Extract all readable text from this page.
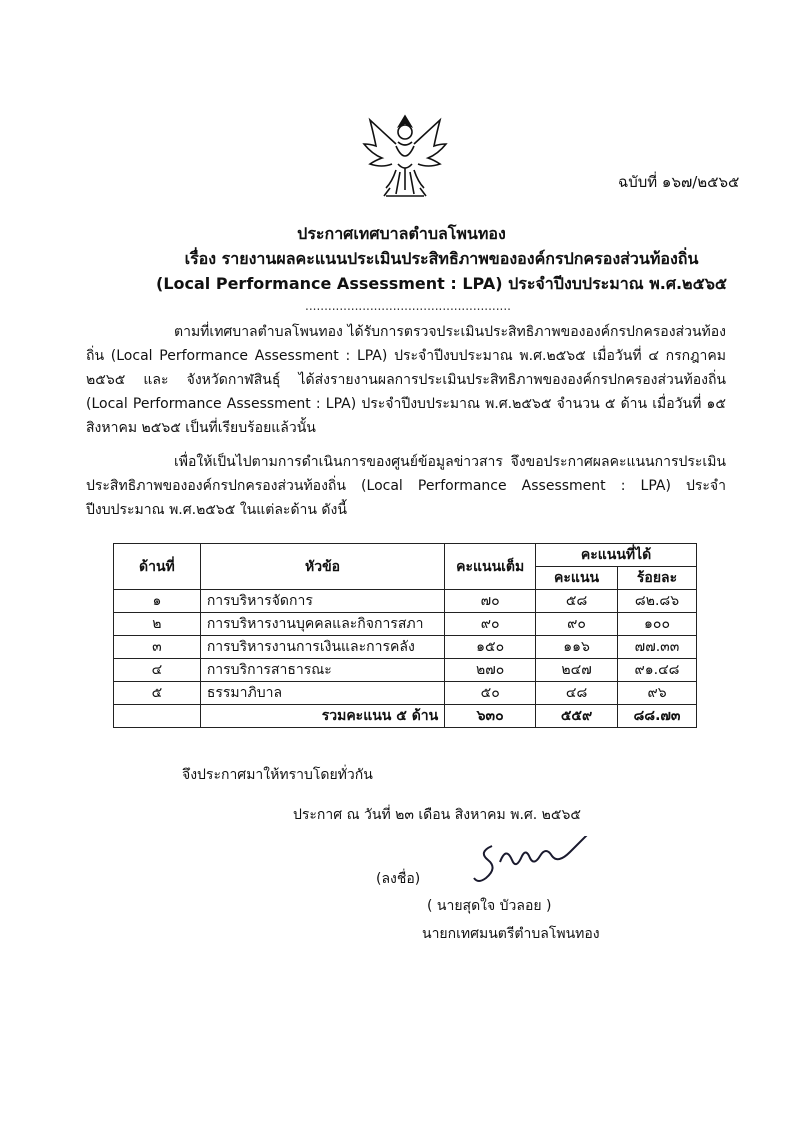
ฉบับที่ ๑๖๗/๒๕๖๕
ประกาศเทศบาลตำบลโพนทอง
เรื่อง รายงานผลคะแนนประเมินประสิทธิภาพขององค์กรปกครองส่วนท้องถิ่น
(Local Performance Assessment : LPA) ประจำปีงบประมาณ พ.ศ.๒๕๖๕
......................................................
ตามที่เทศบาลตำบลโพนทอง ได้รับการตรวจประเมินประสิทธิภาพขององค์กรปกครองส่วนท้องถิ่น (Local Performance Assessment : LPA) ประจำปีงบประมาณ พ.ศ.๒๕๖๕ เมื่อวันที่ ๔ กรกฎาคม ๒๕๖๕ และ จังหวัดกาฬสินธุ์ ได้ส่งรายงานผลการประเมินประสิทธิภาพขององค์กรปกครองส่วนท้องถิ่น (Local Performance Assessment : LPA) ประจำปีงบประมาณ พ.ศ.๒๕๖๕ จำนวน ๕ ด้าน เมื่อวันที่ ๑๕ สิงหาคม ๒๕๖๕ เป็นที่เรียบร้อยแล้วนั้น
เพื่อให้เป็นไปตามการดำเนินการของศูนย์ข้อมูลข่าวสาร จึงขอประกาศผลคะแนนการประเมินประสิทธิภาพขององค์กรปกครองส่วนท้องถิ่น (Local Performance Assessment : LPA) ประจำปีงบประมาณ พ.ศ.๒๕๖๕ ในแต่ละด้าน ดังนี้
ด้านที่	หัวข้อ	คะแนนเต็ม	คะแนนที่ได้	
			คะแนน	ร้อยละ
๑	การบริหารจัดการ	๗๐	๕๘	๘๒.๘๖
๒	การบริหารงานบุคคลและกิจการสภา	๙๐	๙๐	๑๐๐
๓	การบริหารงานการเงินและการคลัง	๑๕๐	๑๑๖	๗๗.๓๓
๔	การบริการสาธารณะ	๒๗๐	๒๔๗	๙๑.๔๘
๕	ธรรมาภิบาล	๕๐	๔๘	๙๖
	รวมคะแนน ๕ ด้าน	๖๓๐	๕๕๙	๘๘.๗๓
จึงประกาศมาให้ทราบโดยทั่วกัน
ประกาศ ณ วันที่ ๒๓ เดือน สิงหาคม พ.ศ. ๒๕๖๕
(ลงชื่อ)
( นายสุดใจ บัวลอย )
นายกเทศมนตรีตำบลโพนทอง
